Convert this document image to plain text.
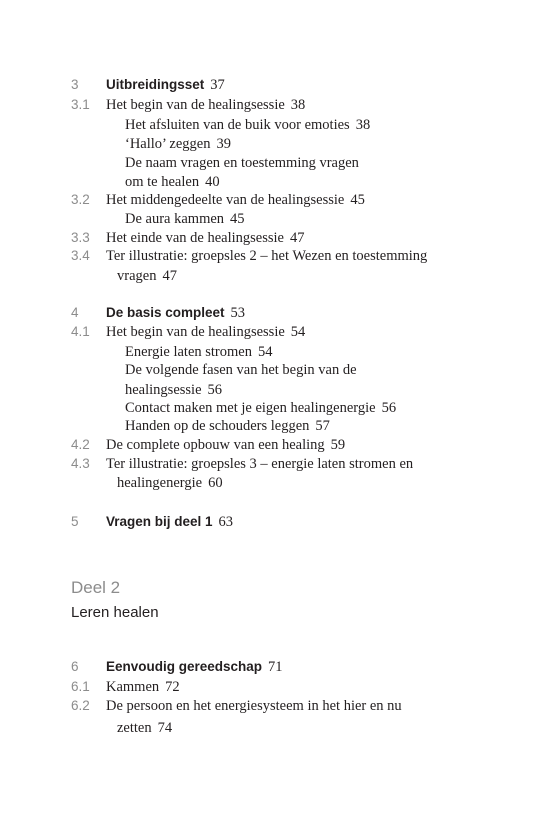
3 Uitbreidingsset 37
3.1 Het begin van de healingsessie 38
Het afsluiten van de buik voor emoties 38
‘Hallo’ zeggen 39
De naam vragen en toestemming vragen
om te healen 40
3.2 Het middengedeelte van de healingsessie 45
De aura kammen 45
3.3 Het einde van de healingsessie 47
3.4 Ter illustratie: groepsles 2 – het Wezen en toestemming
vragen 47
4 De basis compleet 53
4.1 Het begin van de healingsessie 54
Energie laten stromen 54
De volgende fasen van het begin van de
healingsessie 56
Contact maken met je eigen healingenergie 56
Handen op de schouders leggen 57
4.2 De complete opbouw van een healing 59
4.3 Ter illustratie: groepsles 3 – energie laten stromen en
healingenergie 60
5 Vragen bij deel 1 63
6 Eenvoudig gereedschap 71
6.1 Kammen 72
6.2 De persoon en het energiesysteem in het hier en nu
zetten 74
Deel 2
Leren healen
